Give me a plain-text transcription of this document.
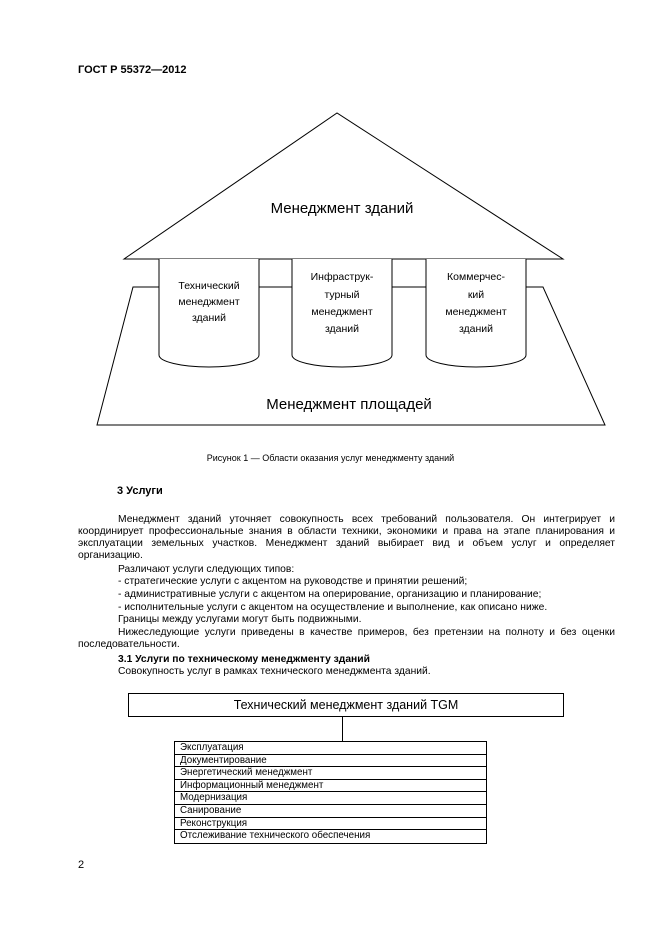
ГОСТ Р 55372—2012
Менеджмент зданий
Менеджмент площадей
Технический
менеджмент
зданий
Инфраструк-
турный
менеджмент
зданий
Коммерчес-
кий
менеджмент
зданий
Рисунок 1 — Области оказания услуг менеджменту зданий
3 Услуги
Менеджмент зданий уточняет совокупность всех требований пользователя. Он интегрирует и координирует профессиональные знания в области техники, экономики и права на этапе планирования и эксплуатации земельных участков. Менеджмент зданий выбирает вид и объем услуг и определяет организацию.
Различают услуги следующих типов:
- стратегические услуги с акцентом на руководстве и принятии решений;
- административные услуги с акцентом на оперирование, организацию и планирование;
- исполнительные услуги с акцентом на осуществление и выполнение, как описано ниже.
Границы между услугами могут быть подвижными.
Нижеследующие услуги приведены в качестве примеров, без претензии на полноту и без оценки последовательности.
3.1 Услуги по техническому менеджменту зданий
Совокупность услуг в рамках технического менеджмента зданий.
Технический менеджмент зданий TGM
Эксплуатация
Документирование
Энергетический менеджмент
Информационный менеджмент
Модернизация
Санирование
Реконструкция
Отслеживание технического обеспечения
2
